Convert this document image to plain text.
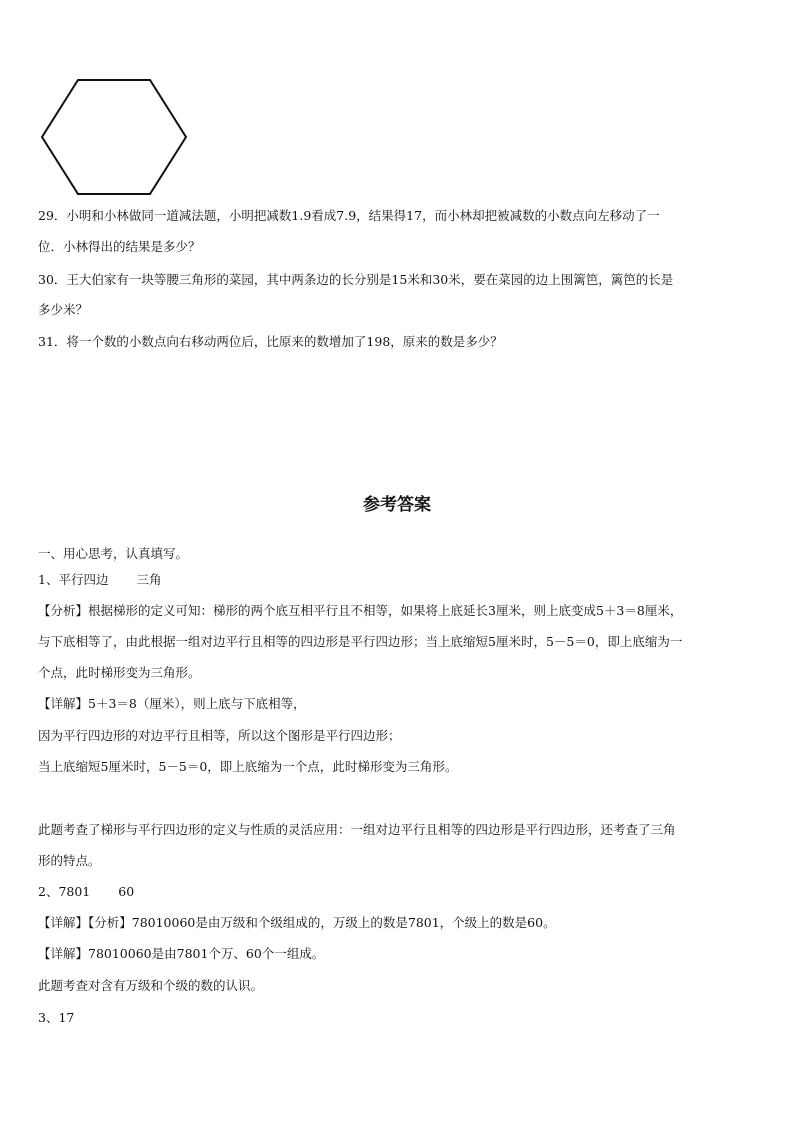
29．小明和小林做同一道减法题，小明把减数1.9看成7.9，结果得17，而小林却把被减数的小数点向左移动了一
位．小林得出的结果是多少？
30．王大伯家有一块等腰三角形的菜园，其中两条边的长分别是15米和30米，要在菜园的边上围篱笆，篱笆的长是
多少米？
31．将一个数的小数点向右移动两位后，比原来的数增加了198，原来的数是多少？
参考答案
一、用心思考，认真填写。
1、平行四边 三角
【分析】根据梯形的定义可知：梯形的两个底互相平行且不相等，如果将上底延长3厘米，则上底变成5＋3＝8厘米，
与下底相等了，由此根据一组对边平行且相等的四边形是平行四边形；当上底缩短5厘米时，5－5＝0，即上底缩为一
个点，此时梯形变为三角形。
【详解】5＋3＝8（厘米），则上底与下底相等，
因为平行四边形的对边平行且相等，所以这个图形是平行四边形；
当上底缩短5厘米时，5－5＝0，即上底缩为一个点，此时梯形变为三角形。
此题考查了梯形与平行四边形的定义与性质的灵活应用：一组对边平行且相等的四边形是平行四边形，还考查了三角
形的特点。
2、7801 60
【详解】【分析】78010060是由万级和个级组成的，万级上的数是7801，个级上的数是60。
【详解】78010060是由7801个万、60个一组成。
此题考查对含有万级和个级的数的认识。
3、17
